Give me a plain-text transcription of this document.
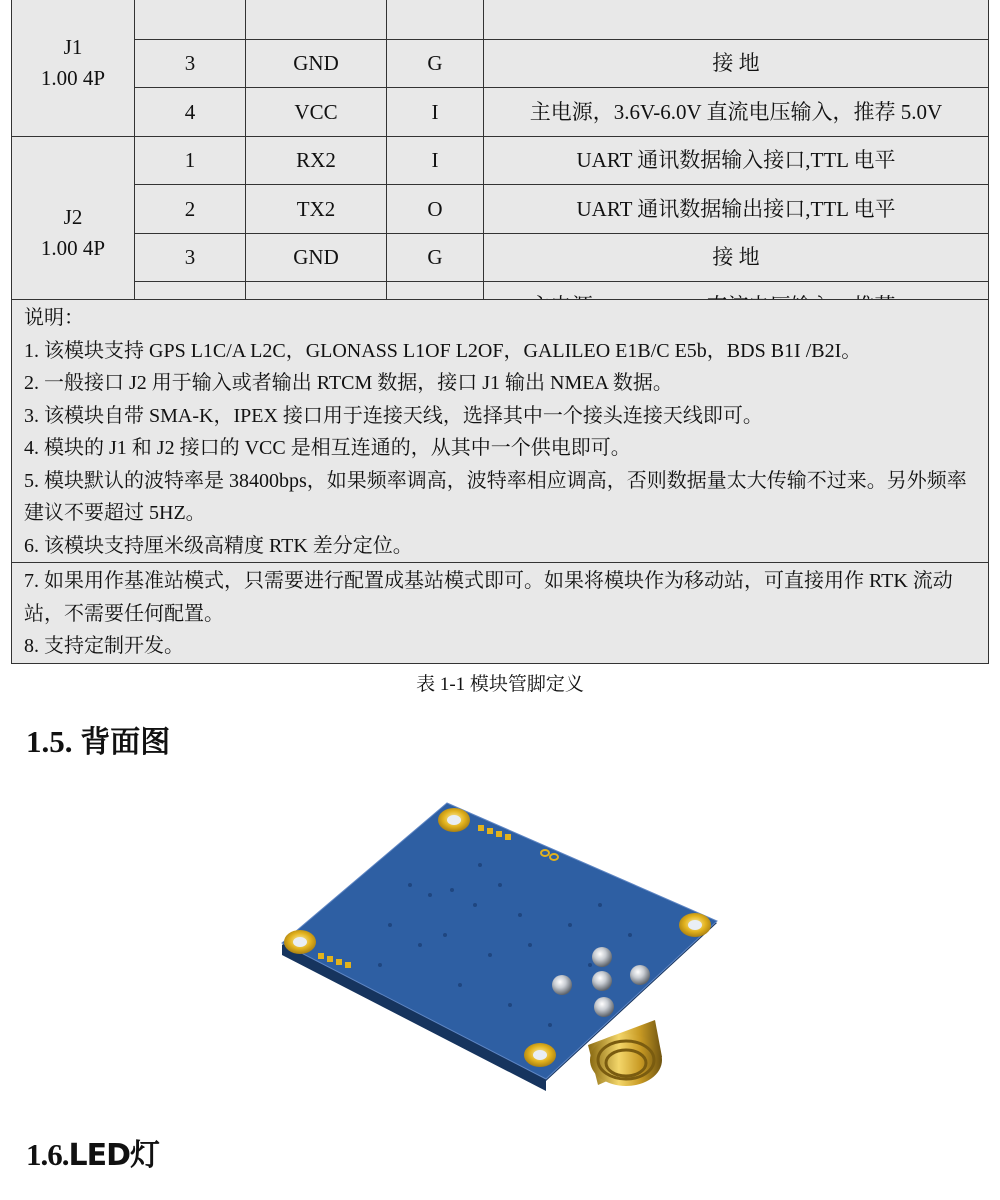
J1
1.00 4P				

	3	GND	G	接 地
	4	VCC	I	主电源，3.6V-6.0V 直流电压输入，推荐 5.0V

J2
1.00 4P	1	RX2	I	UART 通讯数据输入接口,TTL 电平
	2	TX2	O	UART 通讯数据输出接口,TTL 电平
	3	GND	G	接 地

说明：

1. 该模块支持 GPS L1C/A L2C，GLONASS L1OF L2OF，GALILEO E1B/C E5b，BDS B1I /B2I。

2. 一般接口 J2 用于输入或者输出 RTCM 数据，接口 J1 输出 NMEA 数据。

3. 该模块自带 SMA-K，IPEX 接口用于连接天线，选择其中一个接头连接天线即可。

4. 模块的 J1 和 J2 接口的 VCC 是相互连通的，从其中一个供电即可。

5. 模块默认的波特率是 38400bps，如果频率调高，波特率相应调高，否则数据量太大传输不过来。另外频率建议不要超过 5HZ。

6. 该模块支持厘米级高精度 RTK 差分定位。

7. 如果用作基准站模式，只需要进行配置成基站模式即可。如果将模块作为移动站，可直接用作 RTK 流动站，不需要任何配置。

8. 支持定制开发。

表 1-1 模块管脚定义
1.5. 背面图
1.6.LED灯
